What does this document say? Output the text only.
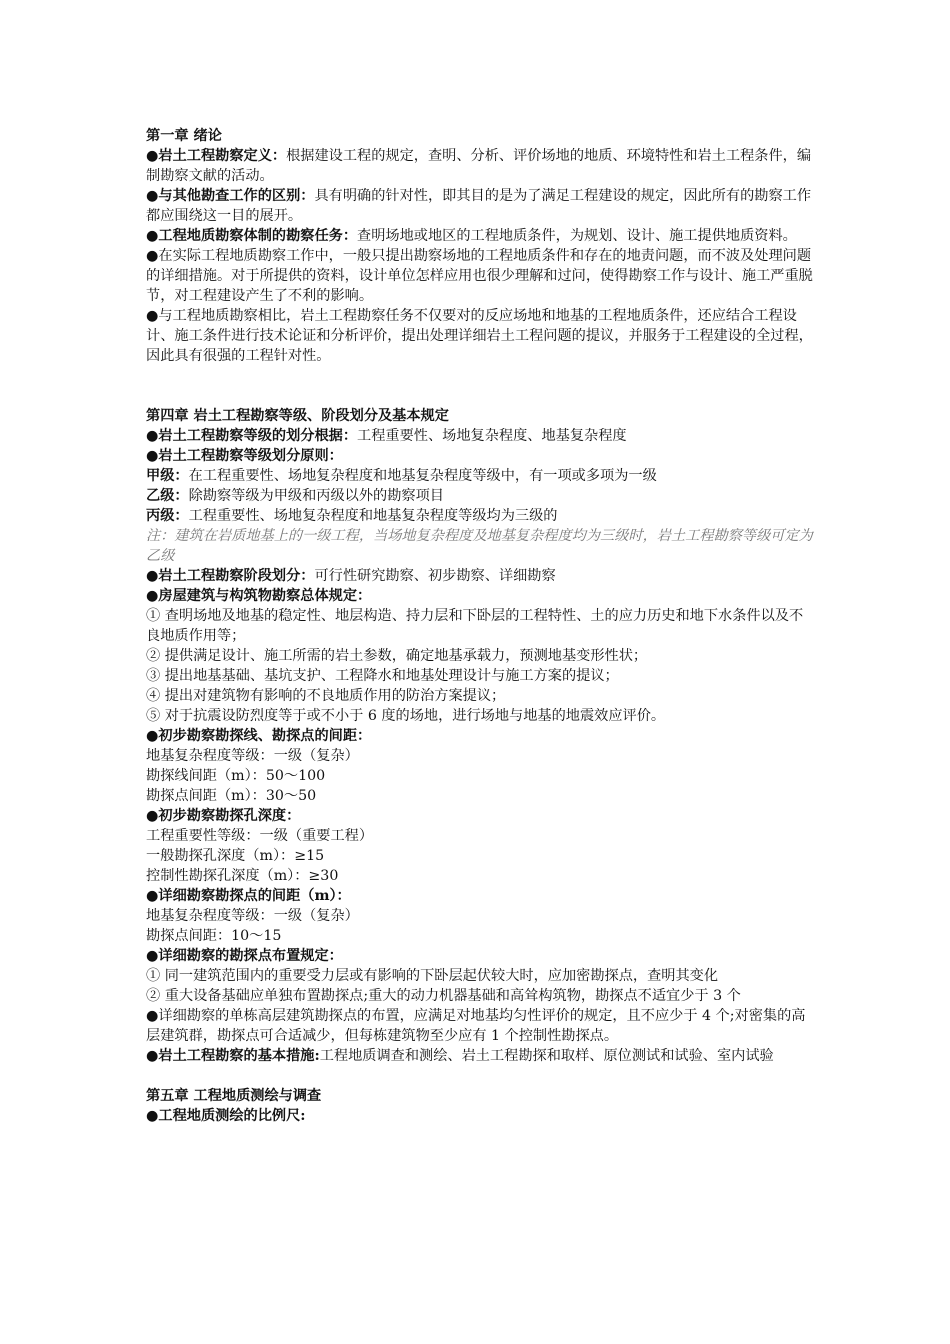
第一章 绪论

●岩土工程勘察定义：根据建设工程的规定，查明、分析、评价场地的地质、环境特性和岩土工程条件，编制勘察文献的活动。

●与其他勘查工作的区别：具有明确的针对性，即其目的是为了满足工程建设的规定，因此所有的勘察工作都应围绕这一目的展开。

●工程地质勘察体制的勘察任务：查明场地或地区的工程地质条件，为规划、设计、施工提供地质资料。

●在实际工程地质勘察工作中，一般只提出勘察场地的工程地质条件和存在的地责问题，而不波及处理问题的详细措施。对于所提供的资料，设计单位怎样应用也很少理解和过问，使得勘察工作与设计、施工严重脱节，对工程建设产生了不利的影响。

●与工程地质勘察相比，岩土工程勘察任务不仅要对的反应场地和地基的工程地质条件，还应结合工程设计、施工条件进行技术论证和分析评价，提出处理详细岩土工程问题的提议，并服务于工程建设的全过程，因此具有很强的工程针对性。

第四章 岩土工程勘察等级、阶段划分及基本规定

●岩土工程勘察等级的划分根据：工程重要性、场地复杂程度、地基复杂程度

●岩土工程勘察等级划分原则：

甲级：在工程重要性、场地复杂程度和地基复杂程度等级中，有一项或多项为一级

乙级：除勘察等级为甲级和丙级以外的勘察项目

丙级：工程重要性、场地复杂程度和地基复杂程度等级均为三级的

注：建筑在岩质地基上的一级工程，当场地复杂程度及地基复杂程度均为三级时，岩土工程勘察等级可定为乙级

●岩土工程勘察阶段划分：可行性研究勘察、初步勘察、详细勘察

●房屋建筑与构筑物勘察总体规定：

① 查明场地及地基的稳定性、地层构造、持力层和下卧层的工程特性、土的应力历史和地下水条件以及不良地质作用等；

② 提供满足设计、施工所需的岩土参数，确定地基承载力，预测地基变形性状；

③ 提出地基基础、基坑支护、工程降水和地基处理设计与施工方案的提议；

④ 提出对建筑物有影响的不良地质作用的防治方案提议；

⑤ 对于抗震设防烈度等于或不小于 6 度的场地，进行场地与地基的地震效应评价。

●初步勘察勘探线、勘探点的间距：

地基复杂程度等级：一级（复杂）

勘探线间距（m）：50～100

勘探点间距（m）：30～50

●初步勘察勘探孔深度：

工程重要性等级：一级（重要工程）

一般勘探孔深度（m）：≥15

控制性勘探孔深度（m）：≥30

●详细勘察勘探点的间距（m）：

地基复杂程度等级：一级（复杂）

勘探点间距：10～15

●详细勘察的勘探点布置规定：

① 同一建筑范围内的重要受力层或有影响的下卧层起伏较大时，应加密勘探点，查明其变化

② 重大设备基础应单独布置勘探点;重大的动力机器基础和高耸构筑物，勘探点不适宜少于 3 个

●详细勘察的单栋高层建筑勘探点的布置，应满足对地基均匀性评价的规定，且不应少于 4 个;对密集的高层建筑群，勘探点可合适减少，但每栋建筑物至少应有 1 个控制性勘探点。

●岩土工程勘察的基本措施:工程地质调查和测绘、岩土工程勘探和取样、原位测试和试验、室内试验

第五章 工程地质测绘与调查

●工程地质测绘的比例尺:
